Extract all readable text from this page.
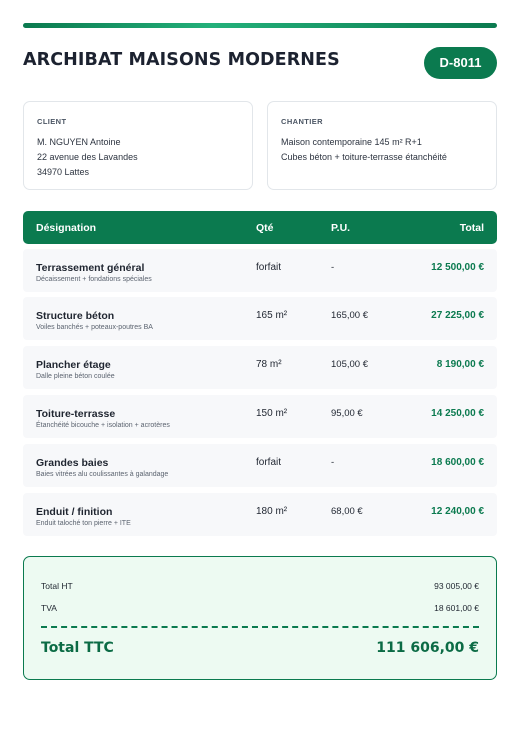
ARCHIBAT MAISONS MODERNES	D-8011
CLIENT
M. NGUYEN Antoine
22 avenue des Lavandes
34970 Lattes
CHANTIER
Maison contemporaine 145 m² R+1
Cubes béton + toiture-terrasse étanchéité
Désignation	Qté	P.U.	Total
Terrassement général
Décaissement + fondations spéciales
forfait	-	12 500,00 €
Structure béton
Voiles banchés + poteaux-poutres BA
165 m²	165,00 €	27 225,00 €
Plancher étage
Dalle pleine béton coulée
78 m²	105,00 €	8 190,00 €
Toiture-terrasse
Étanchéité bicouche + isolation + acrotères
150 m²	95,00 €	14 250,00 €
Grandes baies
Baies vitrées alu coulissantes à galandage
forfait	-	18 600,00 €
Enduit / finition
Enduit taloché ton pierre + ITE
180 m²	68,00 €	12 240,00 €
Total HT	93 005,00 €
TVA	18 601,00 €
Total TTC	111 606,00 €
